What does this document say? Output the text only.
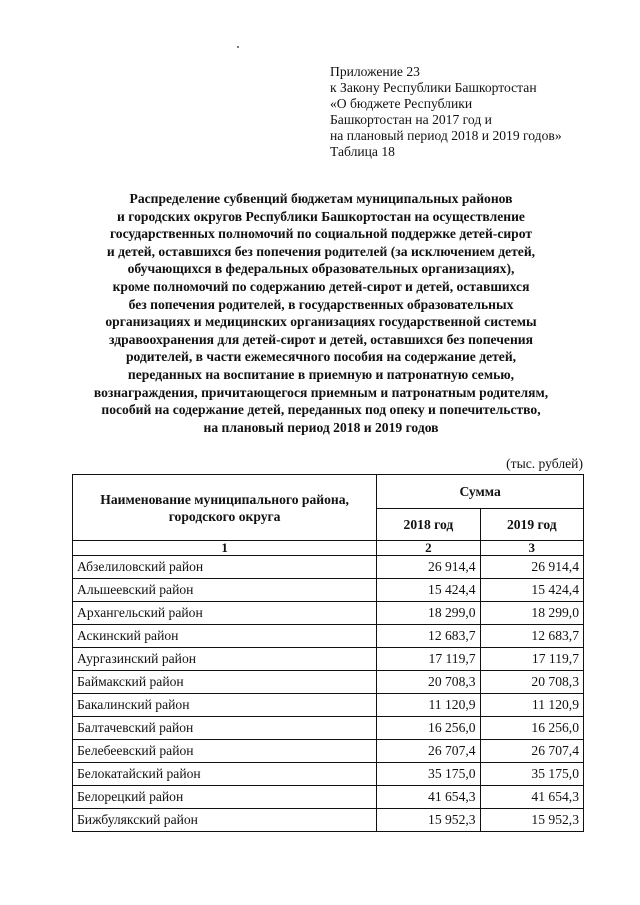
Приложение 23
к Закону Республики Башкортостан
«О бюджете Республики
Башкортостан на 2017 год и
на плановый период 2018 и 2019 годов»
Таблица 18
Распределение субвенций бюджетам муниципальных районов
и городских округов Республики Башкортостан на осуществление
государственных полномочий по социальной поддержке детей-сирот
и детей, оставшихся без попечения родителей (за исключением детей,
обучающихся в федеральных образовательных организациях),
кроме полномочий по содержанию детей-сирот и детей, оставшихся
без попечения родителей, в государственных образовательных
организациях и медицинских организациях государственной системы
здравоохранения для детей-сирот и детей, оставшихся без попечения
родителей, в части ежемесячного пособия на содержание детей,
переданных на воспитание в приемную и патронатную семью,
вознаграждения, причитающегося приемным и патронатным родителям,
пособий на содержание детей, переданных под опеку и попечительство,
на плановый период 2018 и 2019 годов
(тыс. рублей)
Наименование муниципального района, городского округа	Сумма	
	2018 год	2019 год
1	2	3
Абзелиловский район	26 914,4	26 914,4
Альшеевский район	15 424,4	15 424,4
Архангельский район	18 299,0	18 299,0
Аскинский район	12 683,7	12 683,7
Аургазинский район	17 119,7	17 119,7
Баймакский район	20 708,3	20 708,3
Бакалинский район	11 120,9	11 120,9
Балтачевский район	16 256,0	16 256,0
Белебеевский район	26 707,4	26 707,4
Белокатайский район	35 175,0	35 175,0
Белорецкий район	41 654,3	41 654,3
Бижбулякский район	15 952,3	15 952,3
